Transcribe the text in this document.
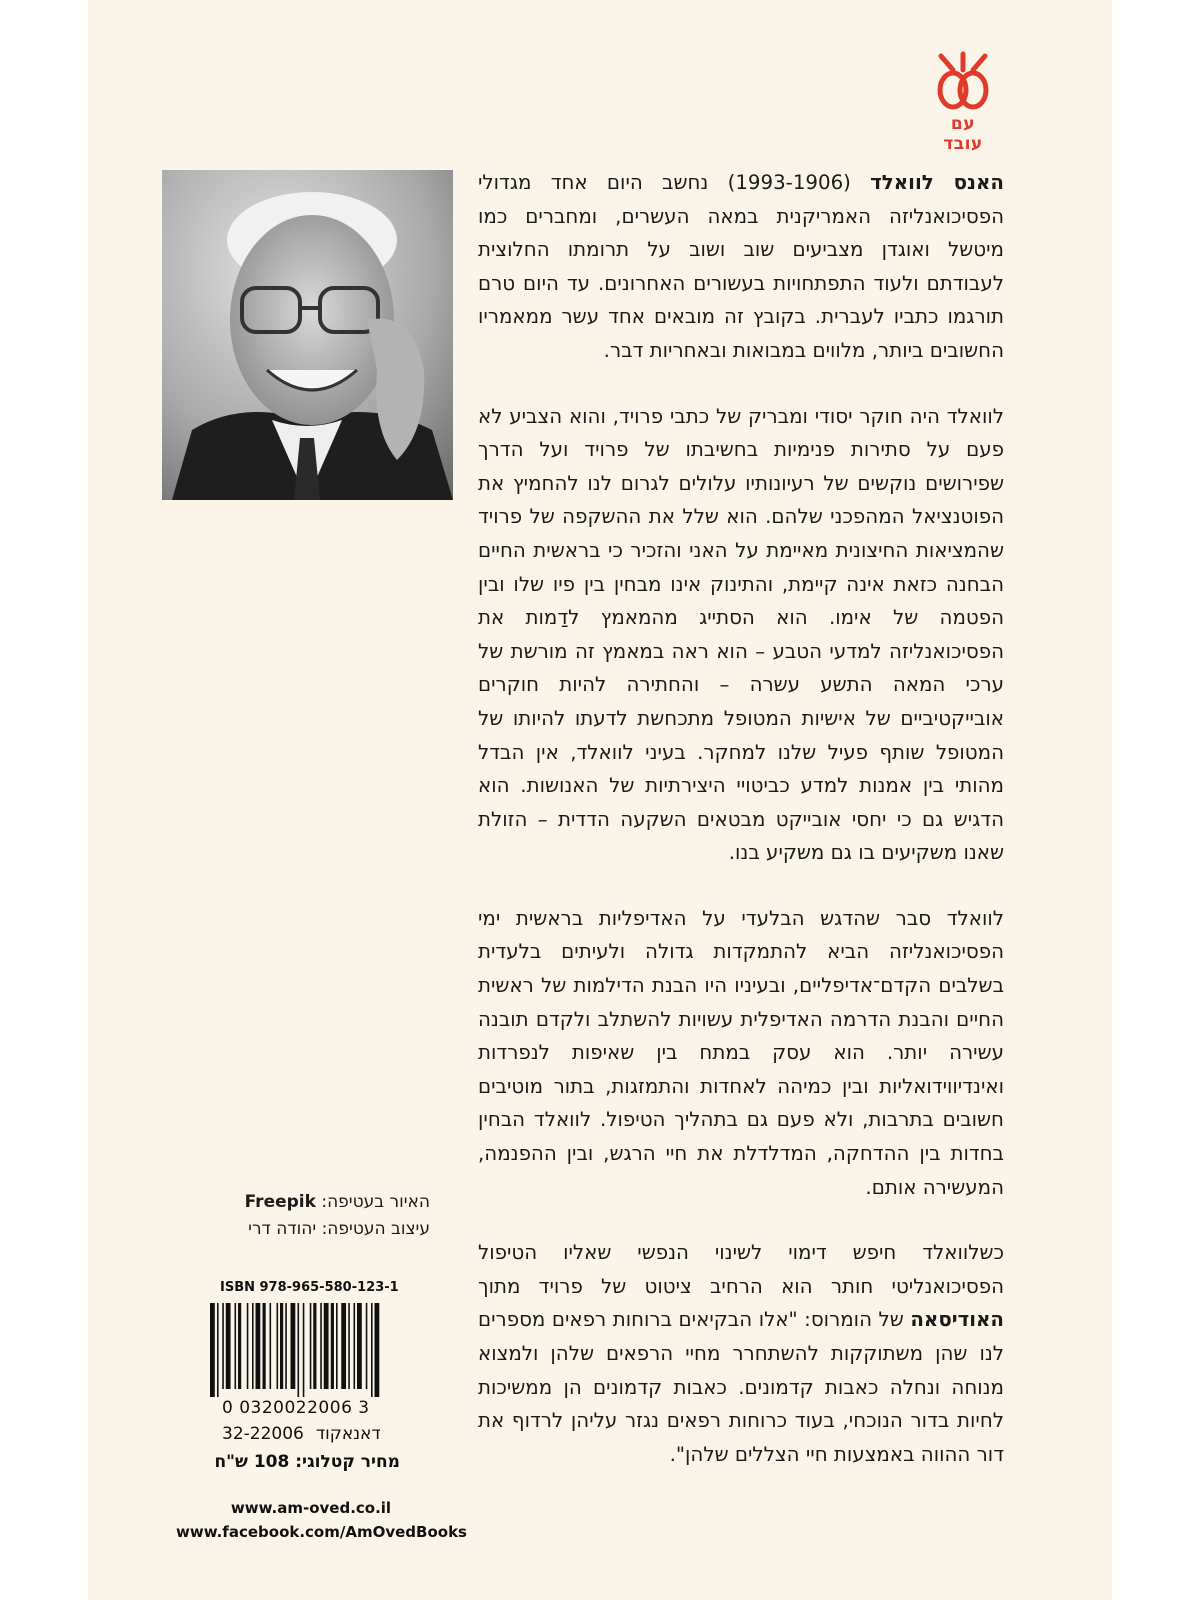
עם עובד

האנס לוואלד (1993-1906) נחשב היום אחד מגדולי הפסיכואנליזה האמריקנית במאה העשרים, ומחברים כמו מיטשל ואוגדן מצביעים שוב ושוב על תרומתו החלוצית לעבודתם ולעוד התפתחויות בעשורים האחרונים. עד היום טרם תורגמו כתביו לעברית. בקובץ זה מובאים אחד עשר ממאמריו החשובים ביותר, מלווים במבואות ובאחריות דבר.

לוואלד היה חוקר יסודי ומבריק של כתבי פרויד, והוא הצביע לא פעם על סתירות פנימיות בחשיבתו של פרויד ועל הדרך שפירושים נוקשים של רעיונותיו עלולים לגרום לנו להחמיץ את הפוטנציאל המהפכני שלהם. הוא שלל את ההשקפה של פרויד שהמציאות החיצונית מאיימת על האני והזכיר כי בראשית החיים הבחנה כזאת אינה קיימת, והתינוק אינו מבחין בין פיו שלו ובין הפטמה של אימו. הוא הסתייג מהמאמץ לדַמות את הפסיכואנליזה למדעי הטבע – הוא ראה במאמץ זה מורשת של ערכי המאה התשע עשרה – והחתירה להיות חוקרים אובייקטיביים של אישיות המטופל מתכחשת לדעתו להיותו של המטופל שותף פעיל שלנו למחקר. בעיני לוואלד, אין הבדל מהותי בין אמנות למדע כביטויי היצירתיות של האנושות. הוא הדגיש גם כי יחסי אובייקט מבטאים השקעה הדדית – הזולת שאנו משקיעים בו גם משקיע בנו.

לוואלד סבר שהדגש הבלעדי על האדיפליות בראשית ימי הפסיכואנליזה הביא להתמקדות גדולה ולעיתים בלעדית בשלבים הקדם־אדיפליים, ובעיניו היו הבנת הדילמות של ראשית החיים והבנת הדרמה האדיפלית עשויות להשתלב ולקדם תובנה עשירה יותר. הוא עסק במתח בין שאיפות לנפרדות ואינדיווידואליות ובין כמיהה לאחדות והתמזגות, בתור מוטיבים חשובים בתרבות, ולא פעם גם בתהליך הטיפול. לוואלד הבחין בחדות בין ההדחקה, המדלדלת את חיי הרגש, ובין ההפנמה, המעשירה אותם.

כשלוואלד חיפש דימוי לשינוי הנפשי שאליו הטיפול הפסיכואנליטי חותר הוא הרחיב ציטוט של פרויד מתוך האודיסאה של הומרוס: "אלו הבקיאים ברוחות רפאים מספרים לנו שהן משתוקקות להשתחרר מחיי הרפאים שלהן ולמצוא מנוחה ונחלה כאבות קדמונים. כאבות קדמונים הן ממשיכות לחיות בדור הנוכחי, בעוד כרוחות רפאים נגזר עליהן לרדוף את דור ההווה באמצעות חיי הצללים שלהן".

האיור בעטיפה: Freepik
עיצוב העטיפה: יהודה דרי
ISBN 978-965-580-123-1
0 0320022006 3
32-22006 דאנאקוד
מחיר קטלוגי: 108 ש"ח
www.am-oved.co.il
www.facebook.com/AmOvedBooks
